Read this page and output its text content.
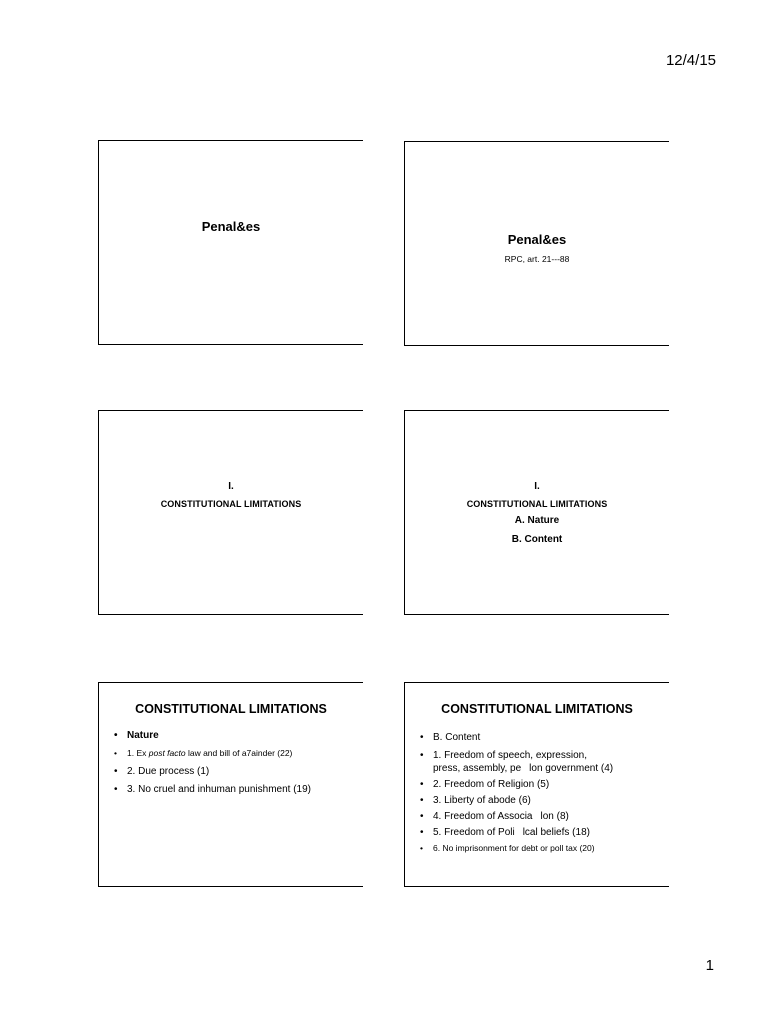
12/4/15
Penal&es
Penal&es
RPC, art. 21---88
I.
CONSTITUTIONAL LIMITATIONS
I.
CONSTITUTIONAL LIMITATIONS
A. Nature
B. Content
CONSTITUTIONAL LIMITATIONS
• Nature
• 1. Ex post facto law and bill of a7ainder (22)
• 2. Due process (1)
• 3. No cruel and inhuman punishment (19)
CONSTITUTIONAL LIMITATIONS
• B. Content
• 1. Freedom of speech, expression,
press, assembly, pelon government (4)
• 2. Freedom of Religion (5)
• 3. Liberty of abode (6)
• 4. Freedom of Associalon (8)
• 5. Freedom of Polilcal beliefs (18)
• 6. No imprisonment for debt or poll tax (20)
1
